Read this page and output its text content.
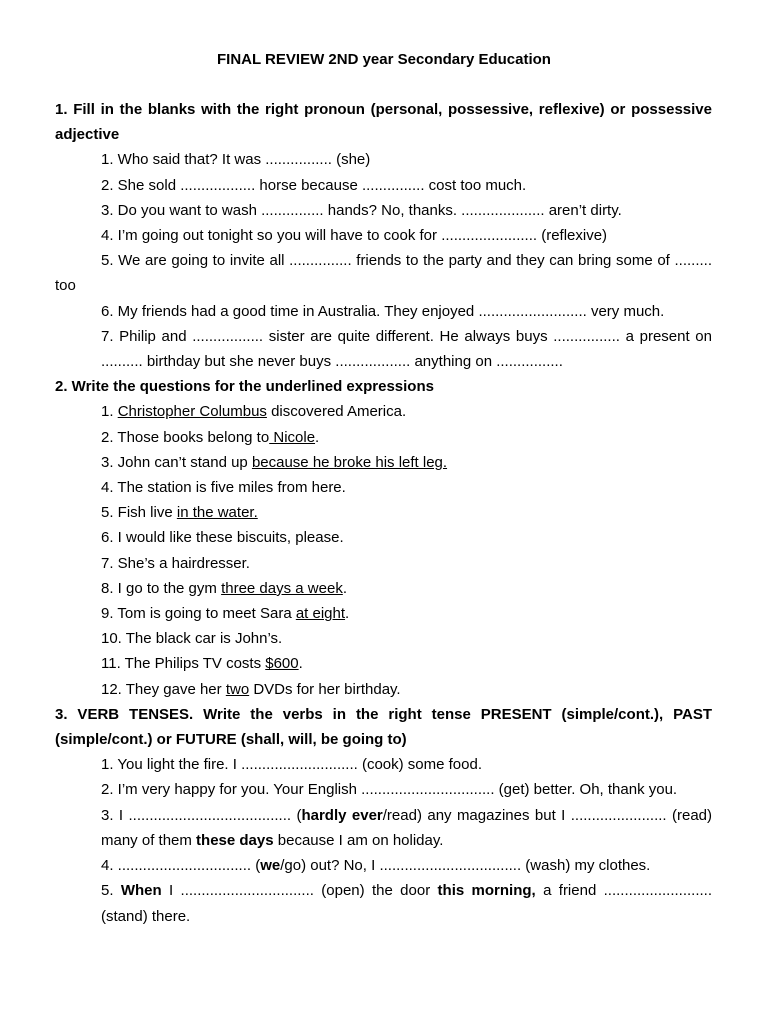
FINAL REVIEW 2ND year Secondary Education
1. Fill in the blanks with the right pronoun (personal, possessive, reflexive) or possessive adjective
1. Who said that? It was ................ (she)
2. She sold .................. horse because ............... cost too much.
3. Do you want to wash ............... hands? No, thanks. .................... aren’t dirty.
4. I’m going out tonight so you will have to cook for ....................... (reflexive)
5. We are going to invite all ............... friends to the party and they can bring some of ......... too
6. My friends had a good time in Australia. They enjoyed .......................... very much.
7. Philip and ................. sister are quite different. He always buys ................ a present on .......... birthday but she never buys .................. anything on ................
2. Write the questions for the underlined expressions
1. Christopher Columbus discovered America.
2. Those books belong to Nicole.
3. John can’t stand up because he broke his left leg.
4. The station is five miles from here.
5. Fish live in the water.
6. I would like these biscuits, please.
7. She’s a hairdresser.
8. I go to the gym three days a week.
9. Tom is going to meet Sara at eight.
10. The black car is John’s.
11. The Philips TV costs $600.
12. They gave her two DVDs for her birthday.
3. VERB TENSES. Write the verbs in the right tense PRESENT (simple/cont.), PAST (simple/cont.) or FUTURE (shall, will, be going to)
1. You light the fire. I ............................ (cook) some food.
2. I’m very happy for you. Your English ................................ (get) better. Oh, thank you.
3. I ....................................... (hardly ever/read) any magazines but I ....................... (read) many of them these days because I am on holiday.
4. ................................ (we/go) out? No, I .................................. (wash) my clothes.
5. When I ................................ (open) the door this morning, a friend .......................... (stand) there.
